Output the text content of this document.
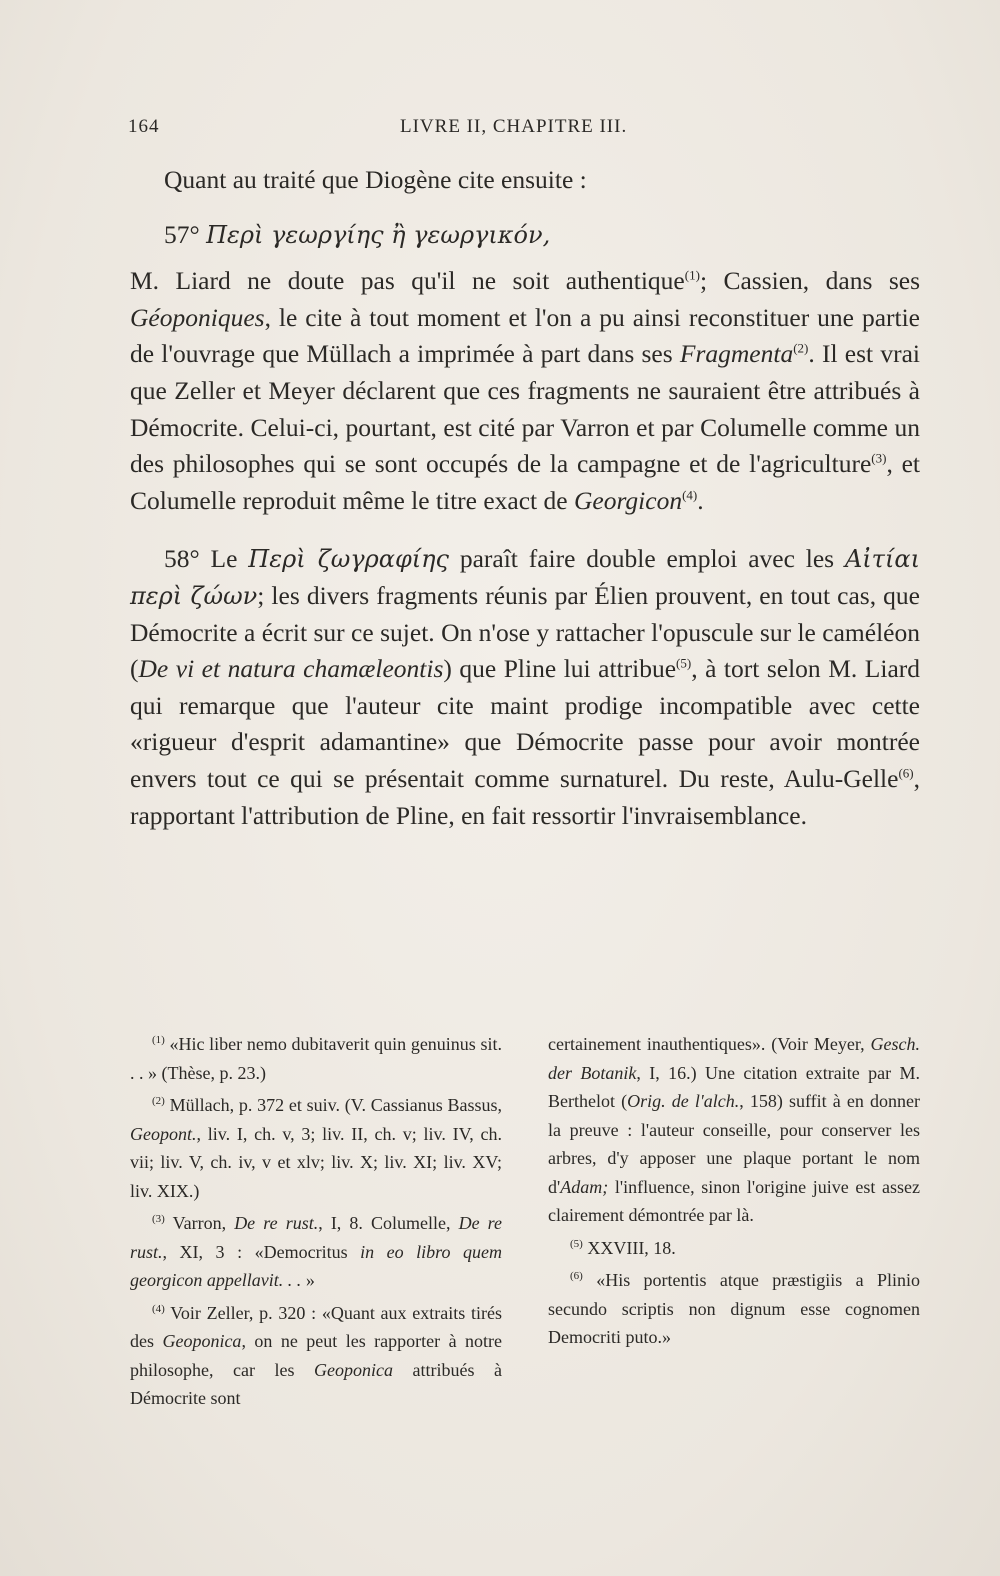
164	LIVRE II, CHAPITRE III.

Quant au traité que Diogène cite ensuite :

57° Περὶ γεωργίης ἢ γεωργικόν,

M. Liard ne doute pas qu'il ne soit authentique$^{(1)}$; Cassien, dans ses Géoponiques, le cite à tout moment et l'on a pu ainsi reconstituer une partie de l'ouvrage que Müllach a imprimée à part dans ses Fragmenta$^{(2)}$. Il est vrai que Zeller et Meyer déclarent que ces fragments ne sauraient être attribués à Démocrite. Celui-ci, pourtant, est cité par Varron et par Columelle comme un des philosophes qui se sont occupés de la campagne et de l'agriculture$^{(3)}$, et Columelle reproduit même le titre exact de Georgicon$^{(4)}$.

58° Le Περὶ ζωγραφίης paraît faire double emploi avec les Αἰτίαι περὶ ζώων; les divers fragments réunis par Élien prouvent, en tout cas, que Démocrite a écrit sur ce sujet. On n'ose y rattacher l'opuscule sur le caméléon (De vi et natura chamæleontis) que Pline lui attribue$^{(5)}$, à tort selon M. Liard qui remarque que l'auteur cite maint prodige incompatible avec cette «rigueur d'esprit adamantine» que Démocrite passe pour avoir montrée envers tout ce qui se présentait comme surnaturel. Du reste, Aulu-Gelle$^{(6)}$, rapportant l'attribution de Pline, en fait ressortir l'invraisemblance.

$^{(1)}$ «Hic liber nemo dubitaverit quin genuinus sit. . . » (Thèse, p. 23.)

$^{(2)}$ Müllach, p. 372 et suiv. (V. Cassianus Bassus, Geopont., liv. I, ch. v, 3; liv. II, ch. v; liv. IV, ch. vii; liv. V, ch. iv, v et xlv; liv. X; liv. XI; liv. XV; liv. XIX.)

$^{(3)}$ Varron, De re rust., I, 8. Columelle, De re rust., XI, 3 : «Democritus in eo libro quem georgicon appellavit. . . »

$^{(4)}$ Voir Zeller, p. 320 : «Quant aux extraits tirés des Geoponica, on ne peut les rapporter à notre philosophe, car les Geoponica attribués à Démocrite sont

certainement inauthentiques». (Voir Meyer, Gesch. der Botanik, I, 16.) Une citation extraite par M. Berthelot (Orig. de l'alch., 158) suffit à en donner la preuve : l'auteur conseille, pour conserver les arbres, d'y apposer une plaque portant le nom d'Adam; l'influence, sinon l'origine juive est assez clairement démontrée par là.

$^{(5)}$ XXVIII, 18.

$^{(6)}$ «His portentis atque præstigiis a Plinio secundo scriptis non dignum esse cognomen Democriti puto.»
